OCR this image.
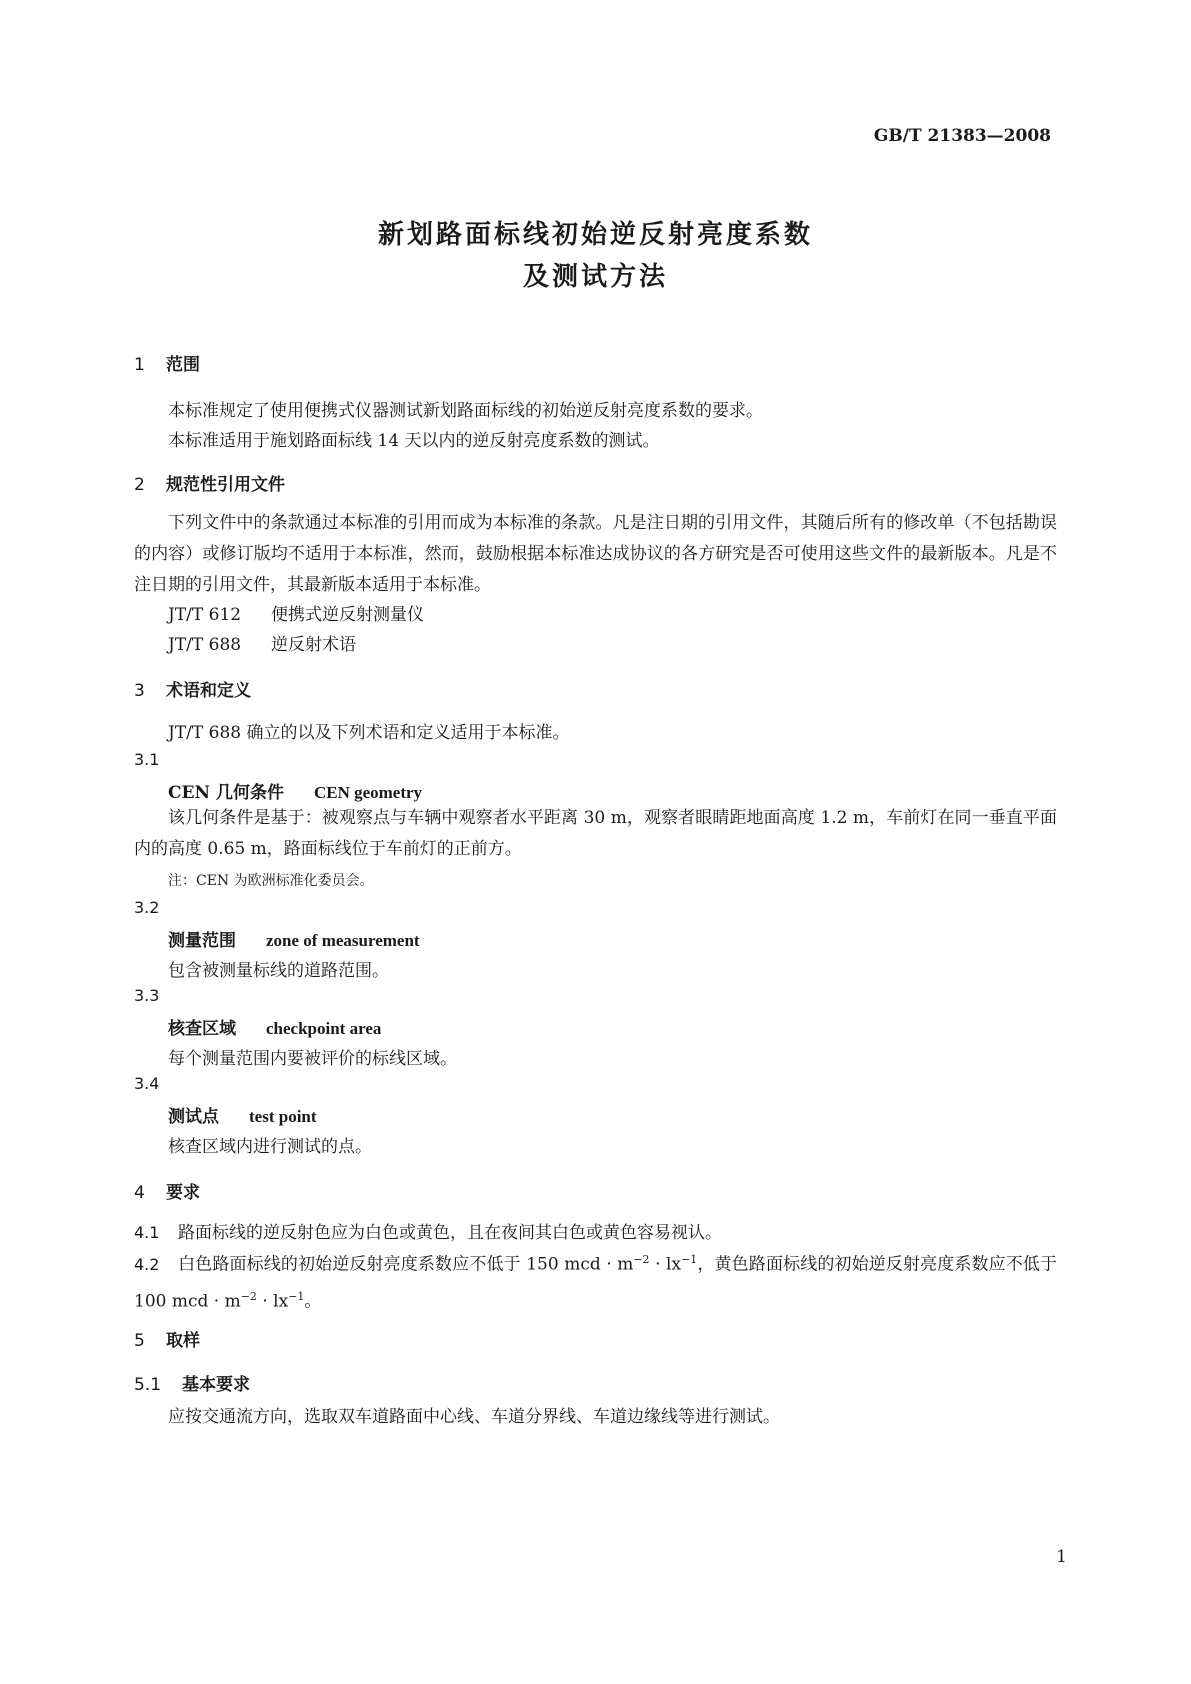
GB/T 21383—2008
新划路面标线初始逆反射亮度系数
及测试方法
1 范围
本标准规定了使用便携式仪器测试新划路面标线的初始逆反射亮度系数的要求。
本标准适用于施划路面标线 14 天以内的逆反射亮度系数的测试。
2 规范性引用文件
下列文件中的条款通过本标准的引用而成为本标准的条款。凡是注日期的引用文件，其随后所有的修改单（不包括勘误的内容）或修订版均不适用于本标准，然而，鼓励根据本标准达成协议的各方研究是否可使用这些文件的最新版本。凡是不注日期的引用文件，其最新版本适用于本标准。
JT/T 612 便携式逆反射测量仪
JT/T 688 逆反射术语
3 术语和定义
JT/T 688 确立的以及下列术语和定义适用于本标准。
3.1
CEN 几何条件 CEN geometry
该几何条件是基于：被观察点与车辆中观察者水平距离 30 m，观察者眼睛距地面高度 1.2 m，车前灯在同一垂直平面内的高度 0.65 m，路面标线位于车前灯的正前方。
注：CEN 为欧洲标准化委员会。
3.2
测量范围 zone of measurement
包含被测量标线的道路范围。
3.3
核查区域 checkpoint area
每个测量范围内要被评价的标线区域。
3.4
测试点 test point
核查区域内进行测试的点。
4 要求
4.1 路面标线的逆反射色应为白色或黄色，且在夜间其白色或黄色容易视认。
4.2 白色路面标线的初始逆反射亮度系数应不低于 150 mcd · $m^{-2} \cdot lx^{-1}$，黄色路面标线的初始逆反射亮度系数应不低于 100 mcd · $m^{-2} \cdot lx^{-1}$。
5 取样
5.1 基本要求
应按交通流方向，选取双车道路面中心线、车道分界线、车道边缘线等进行测试。
1
